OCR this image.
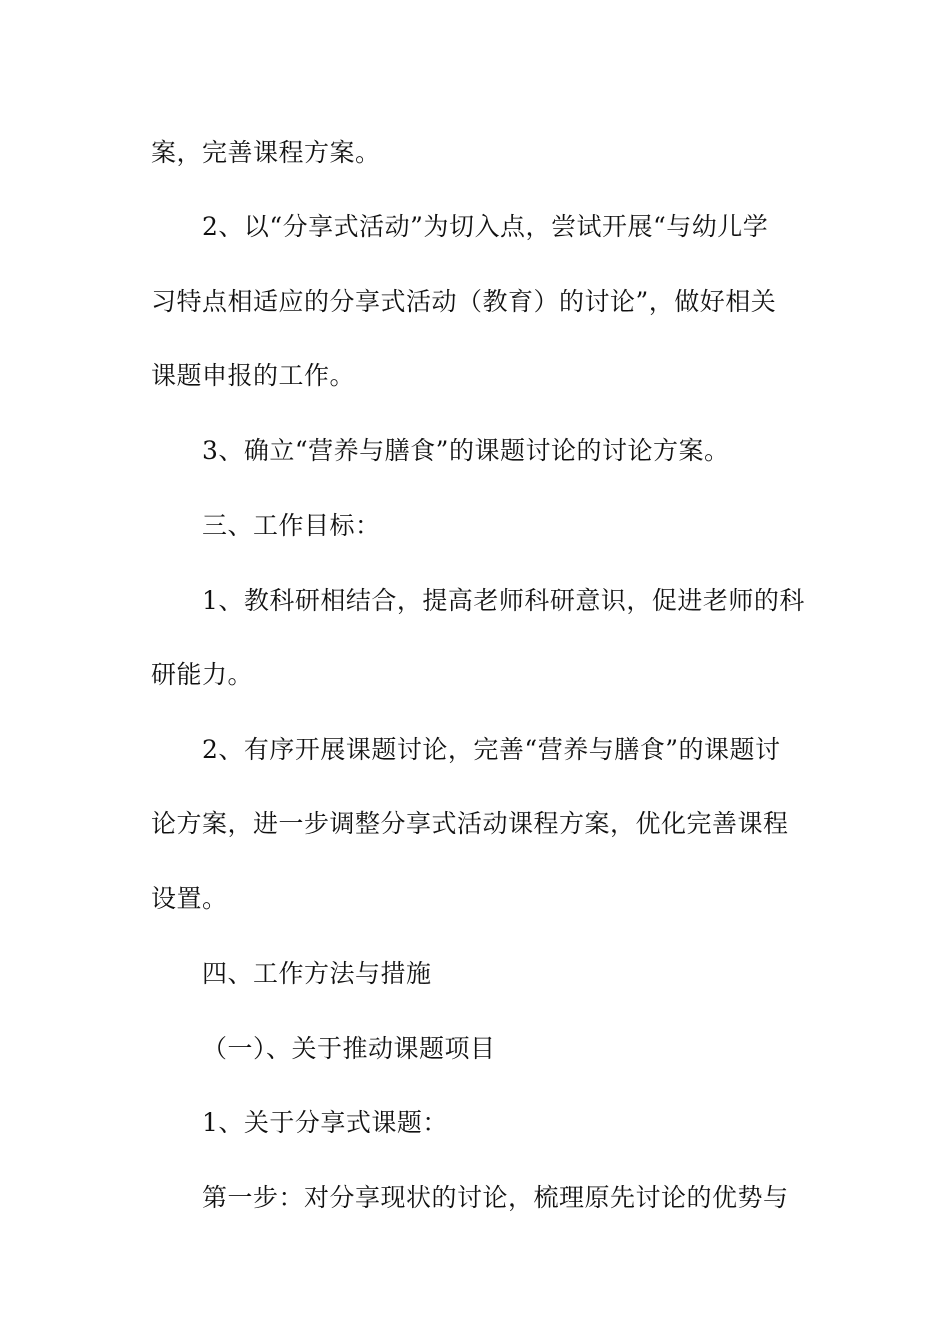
案，完善课程方案。
2、以“分享式活动”为切入点，尝试开展“与幼儿学
习特点相适应的分享式活动（教育）的讨论”，做好相关
课题申报的工作。
3、确立“营养与膳食”的课题讨论的讨论方案。
三、工作目标：
1、教科研相结合，提高老师科研意识，促进老师的科
研能力。
2、有序开展课题讨论，完善“营养与膳食”的课题讨
论方案，进一步调整分享式活动课程方案，优化完善课程
设置。
四、工作方法与措施
（一）、关于推动课题项目
1、关于分享式课题：
第一步：对分享现状的讨论，梳理原先讨论的优势与
